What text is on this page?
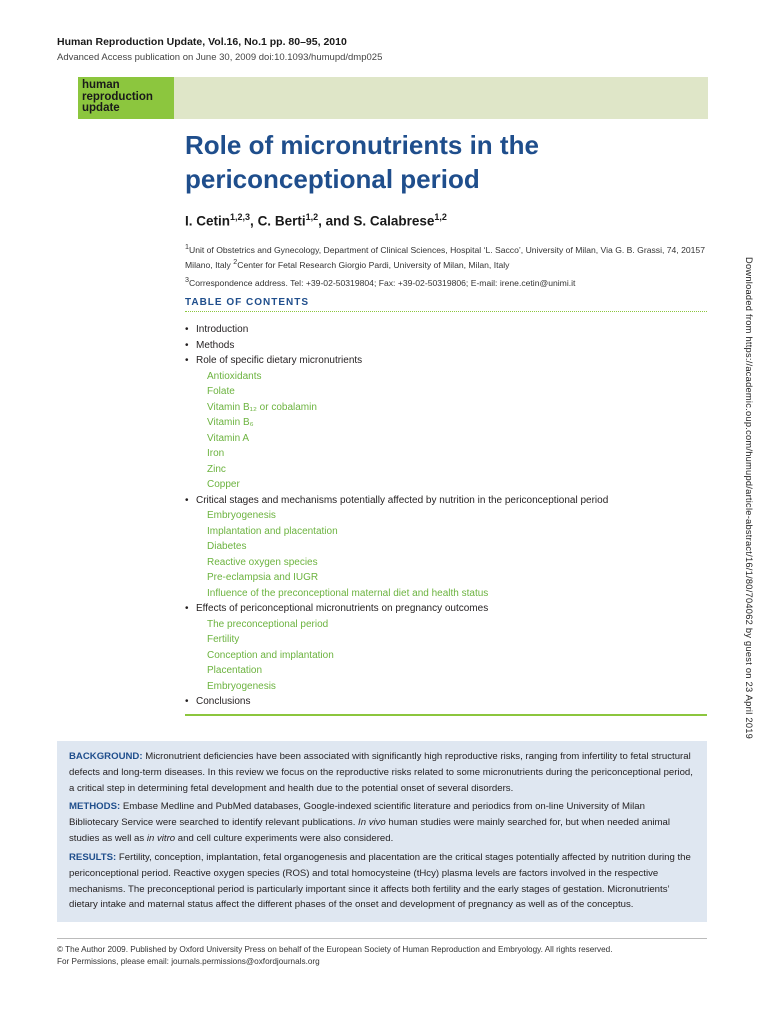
Human Reproduction Update, Vol.16, No.1 pp. 80–95, 2010
Advanced Access publication on June 30, 2009 doi:10.1093/humupd/dmp025
human
reproduction
update
Role of micronutrients in the
periconceptional period
I. Cetin$^{1,2,3}$, C. Berti$^{1,2}$, and S. Calabrese$^{1,2}$
$^1$Unit of Obstetrics and Gynecology, Department of Clinical Sciences, Hospital ‘L. Sacco’, University of Milan, Via G. B. Grassi, 74, 20157 Milano, Italy $^2$Center for Fetal Research Giorgio Pardi, University of Milan, Milan, Italy
$^3$Correspondence address. Tel: +39-02-50319804; Fax: +39-02-50319806; E-mail: irene.cetin@unimi.it
TABLE OF CONTENTS
• Introduction
• Methods
• Role of specific dietary micronutrients
Antioxidants
Folate
Vitamin B₁₂ or cobalamin
Vitamin B₆
Vitamin A
Iron
Zinc
Copper
• Critical stages and mechanisms potentially affected by nutrition in the periconceptional period
Embryogenesis
Implantation and placentation
Diabetes
Reactive oxygen species
Pre-eclampsia and IUGR
Influence of the preconceptional maternal diet and health status
• Effects of periconceptional micronutrients on pregnancy outcomes
The preconceptional period
Fertility
Conception and implantation
Placentation
Embryogenesis
• Conclusions
BACKGROUND: Micronutrient deficiencies have been associated with significantly high reproductive risks, ranging from infertility to fetal structural defects and long-term diseases. In this review we focus on the reproductive risks related to some micronutrients during the periconceptional period, a critical step in determining fetal development and health due to the potential onset of several disorders.
METHODS: Embase Medline and PubMed databases, Google-indexed scientific literature and periodics from on-line University of Milan Bibliotecary Service were searched to identify relevant publications. In vivo human studies were mainly searched for, but when needed animal studies as well as in vitro and cell culture experiments were also considered.
RESULTS: Fertility, conception, implantation, fetal organogenesis and placentation are the critical stages potentially affected by nutrition during the periconceptional period. Reactive oxygen species (ROS) and total homocysteine (tHcy) plasma levels are factors involved in the respective mechanisms. The preconceptional period is particularly important since it affects both fertility and the early stages of gestation. Micronutrients’ dietary intake and maternal status affect the different phases of the onset and development of pregnancy as well as of the conceptus.
© The Author 2009. Published by Oxford University Press on behalf of the European Society of Human Reproduction and Embryology. All rights reserved.
For Permissions, please email: journals.permissions@oxfordjournals.org
Downloaded from https://academic.oup.com/humupd/article-abstract/16/1/80/704062 by guest on 23 April 2019
